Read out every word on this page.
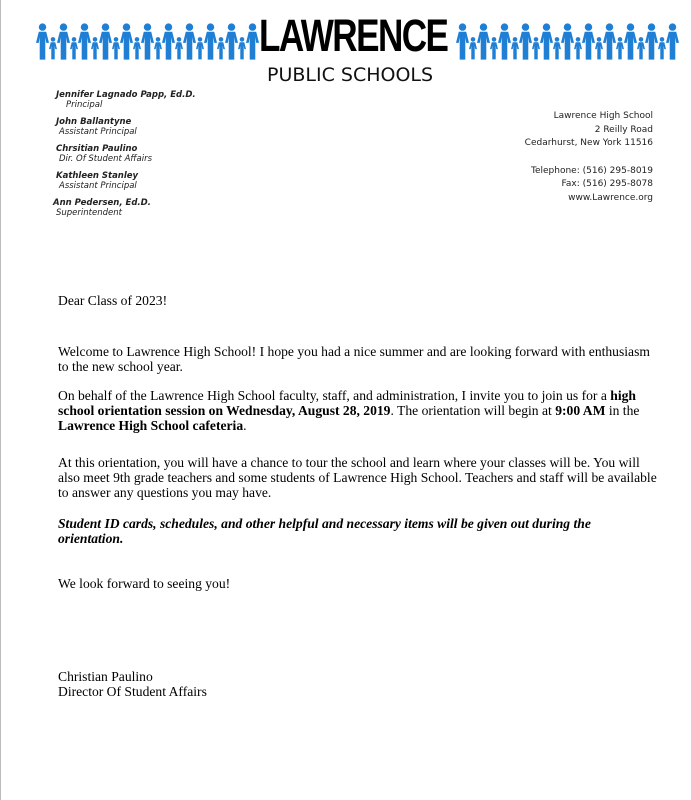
LAWRENCE
PUBLIC SCHOOLS
Jennifer Lagnado Papp, Ed.D.
Principal
John Ballantyne
Assistant Principal
Chrsitian Paulino
Dir. Of Student Affairs
Kathleen Stanley
Assistant Principal
Ann Pedersen, Ed.D.
Superintendent
Lawrence High School
2 Reilly Road
Cedarhurst, New York 11516
Telephone: (516) 295-8019
Fax: (516) 295-8078
www.Lawrence.org

Dear Class of 2023!

Welcome to Lawrence High School! I hope you had a nice summer and are looking forward with enthusiasm to the new school year.

On behalf of the Lawrence High School faculty, staff, and administration, I invite you to join us for a high school orientation session on Wednesday, August 28, 2019. The orientation will begin at 9:00 AM in the Lawrence High School cafeteria.

At this orientation, you will have a chance to tour the school and learn where your classes will be. You will also meet 9th grade teachers and some students of Lawrence High School. Teachers and staff will be available to answer any questions you may have.

Student ID cards, schedules, and other helpful and necessary items will be given out during the orientation.

We look forward to seeing you!

Christian Paulino
Director Of Student Affairs
